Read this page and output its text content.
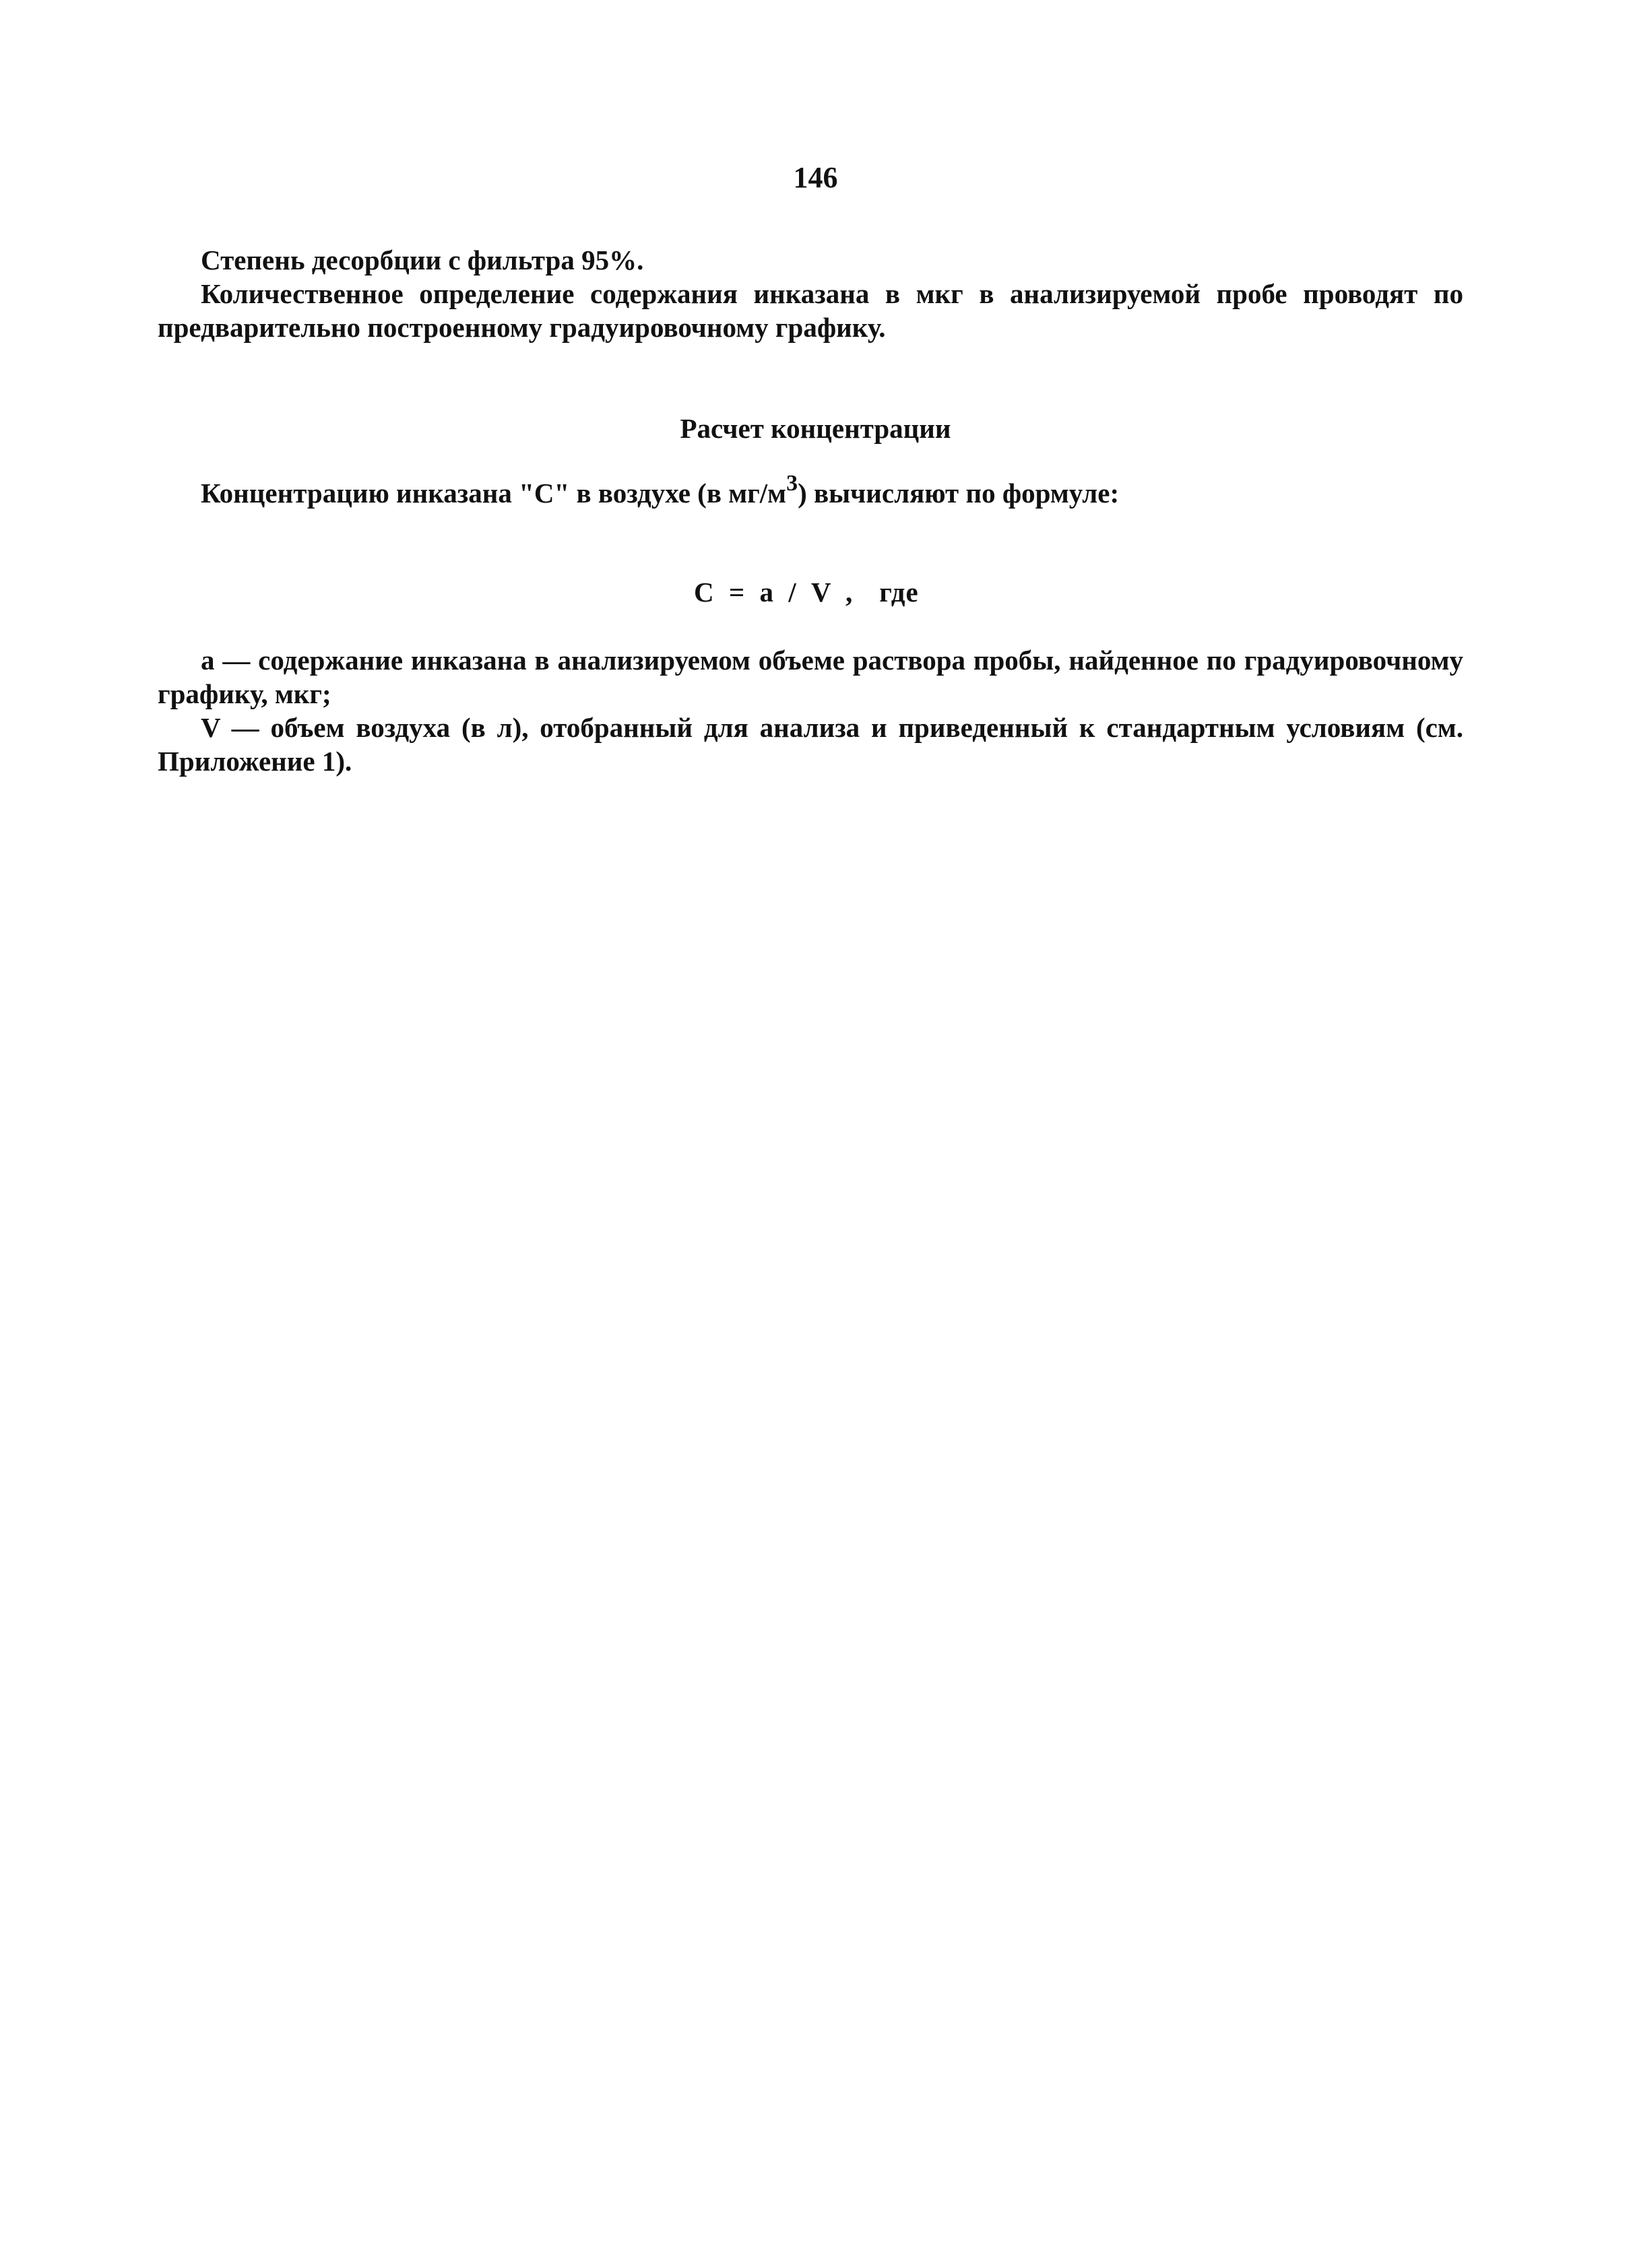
146

Степень десорбции с фильтра 95%.

Количественное определение содержания инказана в мкг в анализируемой пробе проводят по предварительно построенному градуировочному графику.

Расчет концентрации
Концентрацию инказана "С" в воздухе (в $мг/м^3$) вычисляют по формуле:
С = а / V , где

а — содержание инказана в анализируемом объеме раствора пробы, найденное по градуировочному графику, мкг;

V — объем воздуха (в л), отобранный для анализа и приведенный к стандартным условиям (см. Приложение 1).
